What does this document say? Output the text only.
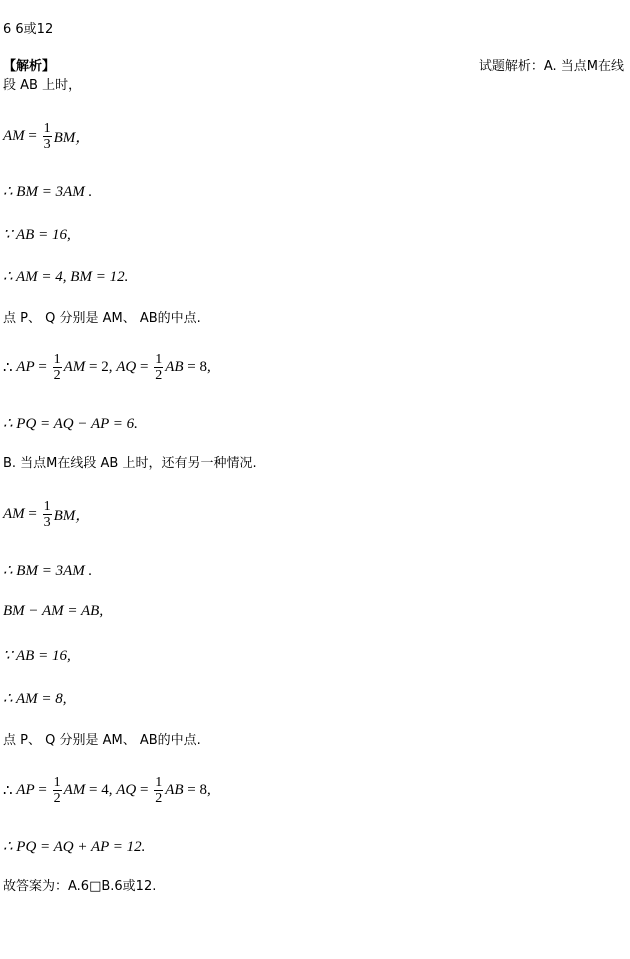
6 6或12
【解析】	试题解析：A. 当点M在线
段 AB 上时，
AM = $\frac{1}{3}$ BM，
∴ BM = 3AM .
∵ AB = 16,
∴ AM = 4, BM = 12.
点 P、 Q 分别是 AM、 AB的中点.
∴ AP = $\frac{1}{2}$ AM = 2, AQ = $\frac{1}{2}$ AB = 8,
∴ PQ = AQ − AP = 6.
B. 当点M在线段 AB 上时，还有另一种情况.
AM = $\frac{1}{3}$ BM，
∴ BM = 3AM .
BM − AM = AB,
∵ AB = 16,
∴ AM = 8,
点 P、 Q 分别是 AM、 AB的中点.
∴ AP = $\frac{1}{2}$ AM = 4, AQ = $\frac{1}{2}$ AB = 8,
∴ PQ = AQ + AP = 12.
故答案为：A.6□B.6或12.
